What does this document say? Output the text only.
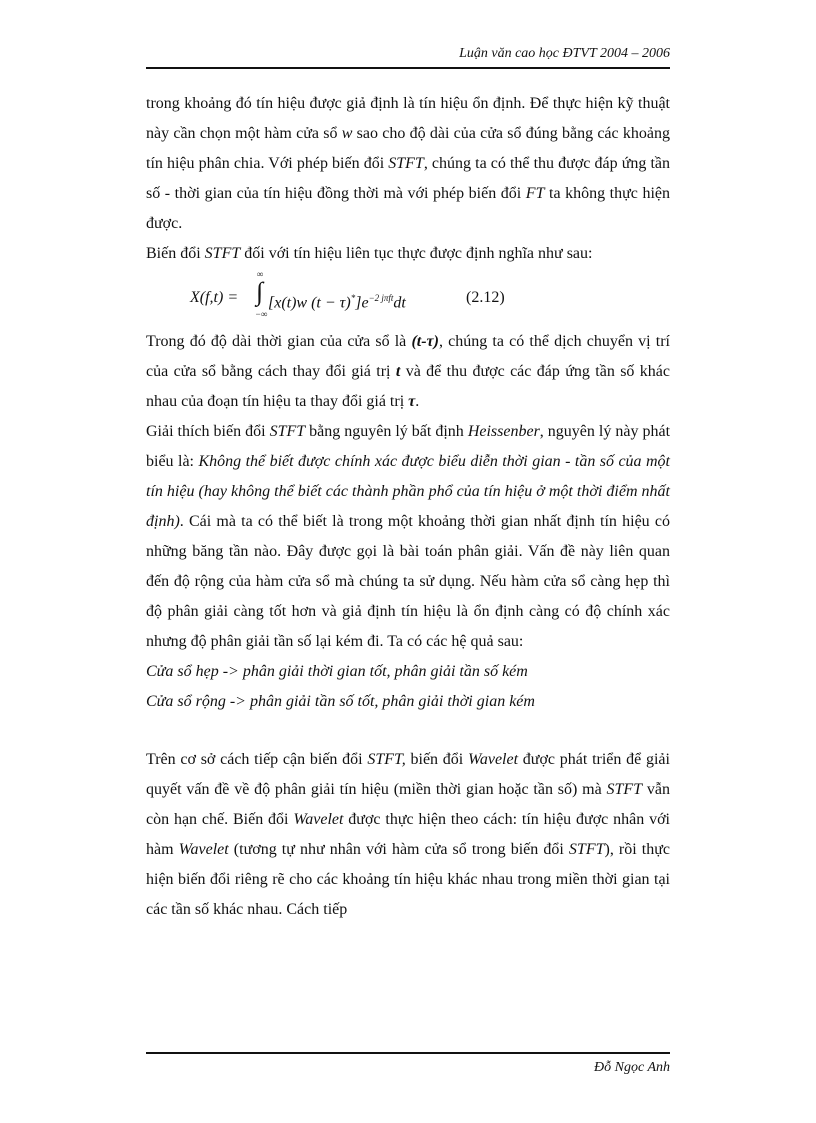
Luận văn cao học ĐTVT 2004 – 2006

trong khoảng đó tín hiệu được giả định là tín hiệu ổn định. Để thực hiện kỹ thuật này cần chọn một hàm cửa sổ w sao cho độ dài của cửa sổ đúng bằng các khoảng tín hiệu phân chia. Với phép biến đổi STFT, chúng ta có thể thu được đáp ứng tần số - thời gian của tín hiệu đồng thời mà với phép biến đổi FT ta không thực hiện được.

Biến đổi STFT đối với tín hiệu liên tục thực được định nghĩa như sau:

X(f,t) =
∞
∫
−∞
[x(t)w $(t - \tau)^*]e^{-2 j\pi ft}dt$	(2.12)

Trong đó độ dài thời gian của cửa sổ là (t-τ), chúng ta có thể dịch chuyển vị trí của cửa sổ bằng cách thay đổi giá trị t và để thu được các đáp ứng tần số khác nhau của đoạn tín hiệu ta thay đổi giá trị τ.

Giải thích biến đổi STFT bằng nguyên lý bất định Heissenber, nguyên lý này phát biểu là: Không thể biết được chính xác được biểu diễn thời gian - tần số của một tín hiệu (hay không thể biết các thành phần phổ của tín hiệu ở một thời điểm nhất định). Cái mà ta có thể biết là trong một khoảng thời gian nhất định tín hiệu có những băng tần nào. Đây được gọi là bài toán phân giải. Vấn đề này liên quan đến độ rộng của hàm cửa sổ mà chúng ta sử dụng. Nếu hàm cửa sổ càng hẹp thì độ phân giải càng tốt hơn và giả định tín hiệu là ổn định càng có độ chính xác nhưng độ phân giải tần số lại kém đi. Ta có các hệ quả sau:

Cửa sổ hẹp -> phân giải thời gian tốt, phân giải tần số kém

Cửa sổ rộng -> phân giải tần số tốt, phân giải thời gian kém

Trên cơ sở cách tiếp cận biến đổi STFT, biến đổi Wavelet được phát triển để giải quyết vấn đề về độ phân giải tín hiệu (miền thời gian hoặc tần số) mà STFT vẫn còn hạn chế. Biến đổi Wavelet được thực hiện theo cách: tín hiệu được nhân với hàm Wavelet (tương tự như nhân với hàm cửa sổ trong biến đổi STFT), rồi thực hiện biến đổi riêng rẽ cho các khoảng tín hiệu khác nhau trong miền thời gian tại các tần số khác nhau. Cách tiếp

Đỗ Ngọc Anh
